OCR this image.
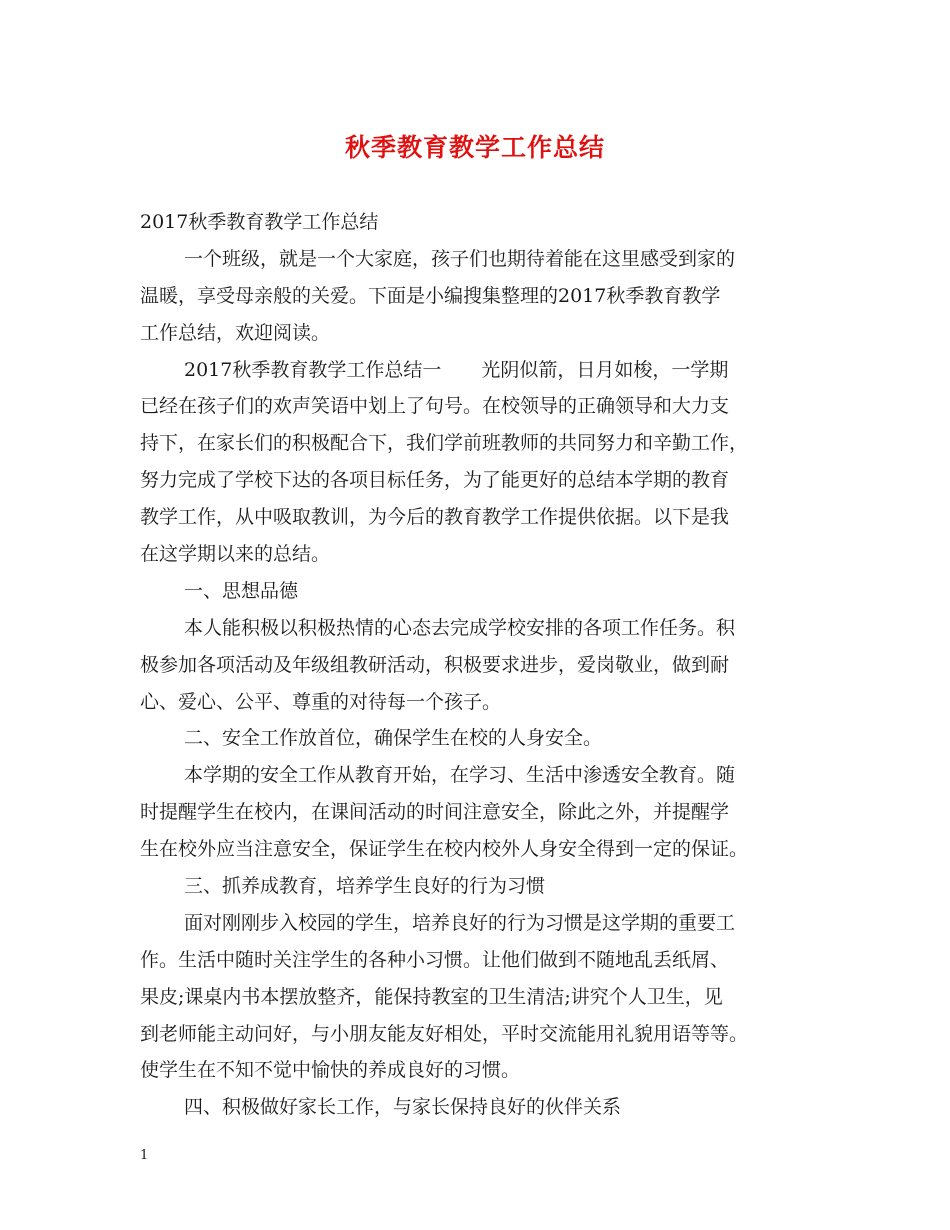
秋季教育教学工作总结
2017秋季教育教学工作总结
一个班级，就是一个大家庭，孩子们也期待着能在这里感受到家的
温暖，享受母亲般的关爱。下面是小编搜集整理的2017秋季教育教学
工作总结，欢迎阅读。
2017秋季教育教学工作总结一 光阴似箭，日月如梭，一学期
已经在孩子们的欢声笑语中划上了句号。在校领导的正确领导和大力支
持下，在家长们的积极配合下，我们学前班教师的共同努力和辛勤工作，
努力完成了学校下达的各项目标任务，为了能更好的总结本学期的教育
教学工作，从中吸取教训，为今后的教育教学工作提供依据。以下是我
在这学期以来的总结。
一、思想品德
本人能积极以积极热情的心态去完成学校安排的各项工作任务。积
极参加各项活动及年级组教研活动，积极要求进步，爱岗敬业，做到耐
心、爱心、公平、尊重的对待每一个孩子。
二、安全工作放首位，确保学生在校的人身安全。
本学期的安全工作从教育开始，在学习、生活中渗透安全教育。随
时提醒学生在校内，在课间活动的时间注意安全，除此之外，并提醒学
生在校外应当注意安全，保证学生在校内校外人身安全得到一定的保证。
三、抓养成教育，培养学生良好的行为习惯
面对刚刚步入校园的学生，培养良好的行为习惯是这学期的重要工
作。生活中随时关注学生的各种小习惯。让他们做到不随地乱丢纸屑、
果皮;课桌内书本摆放整齐，能保持教室的卫生清洁;讲究个人卫生，见
到老师能主动问好，与小朋友能友好相处，平时交流能用礼貌用语等等。
使学生在不知不觉中愉快的养成良好的习惯。
四、积极做好家长工作，与家长保持良好的伙伴关系
1
